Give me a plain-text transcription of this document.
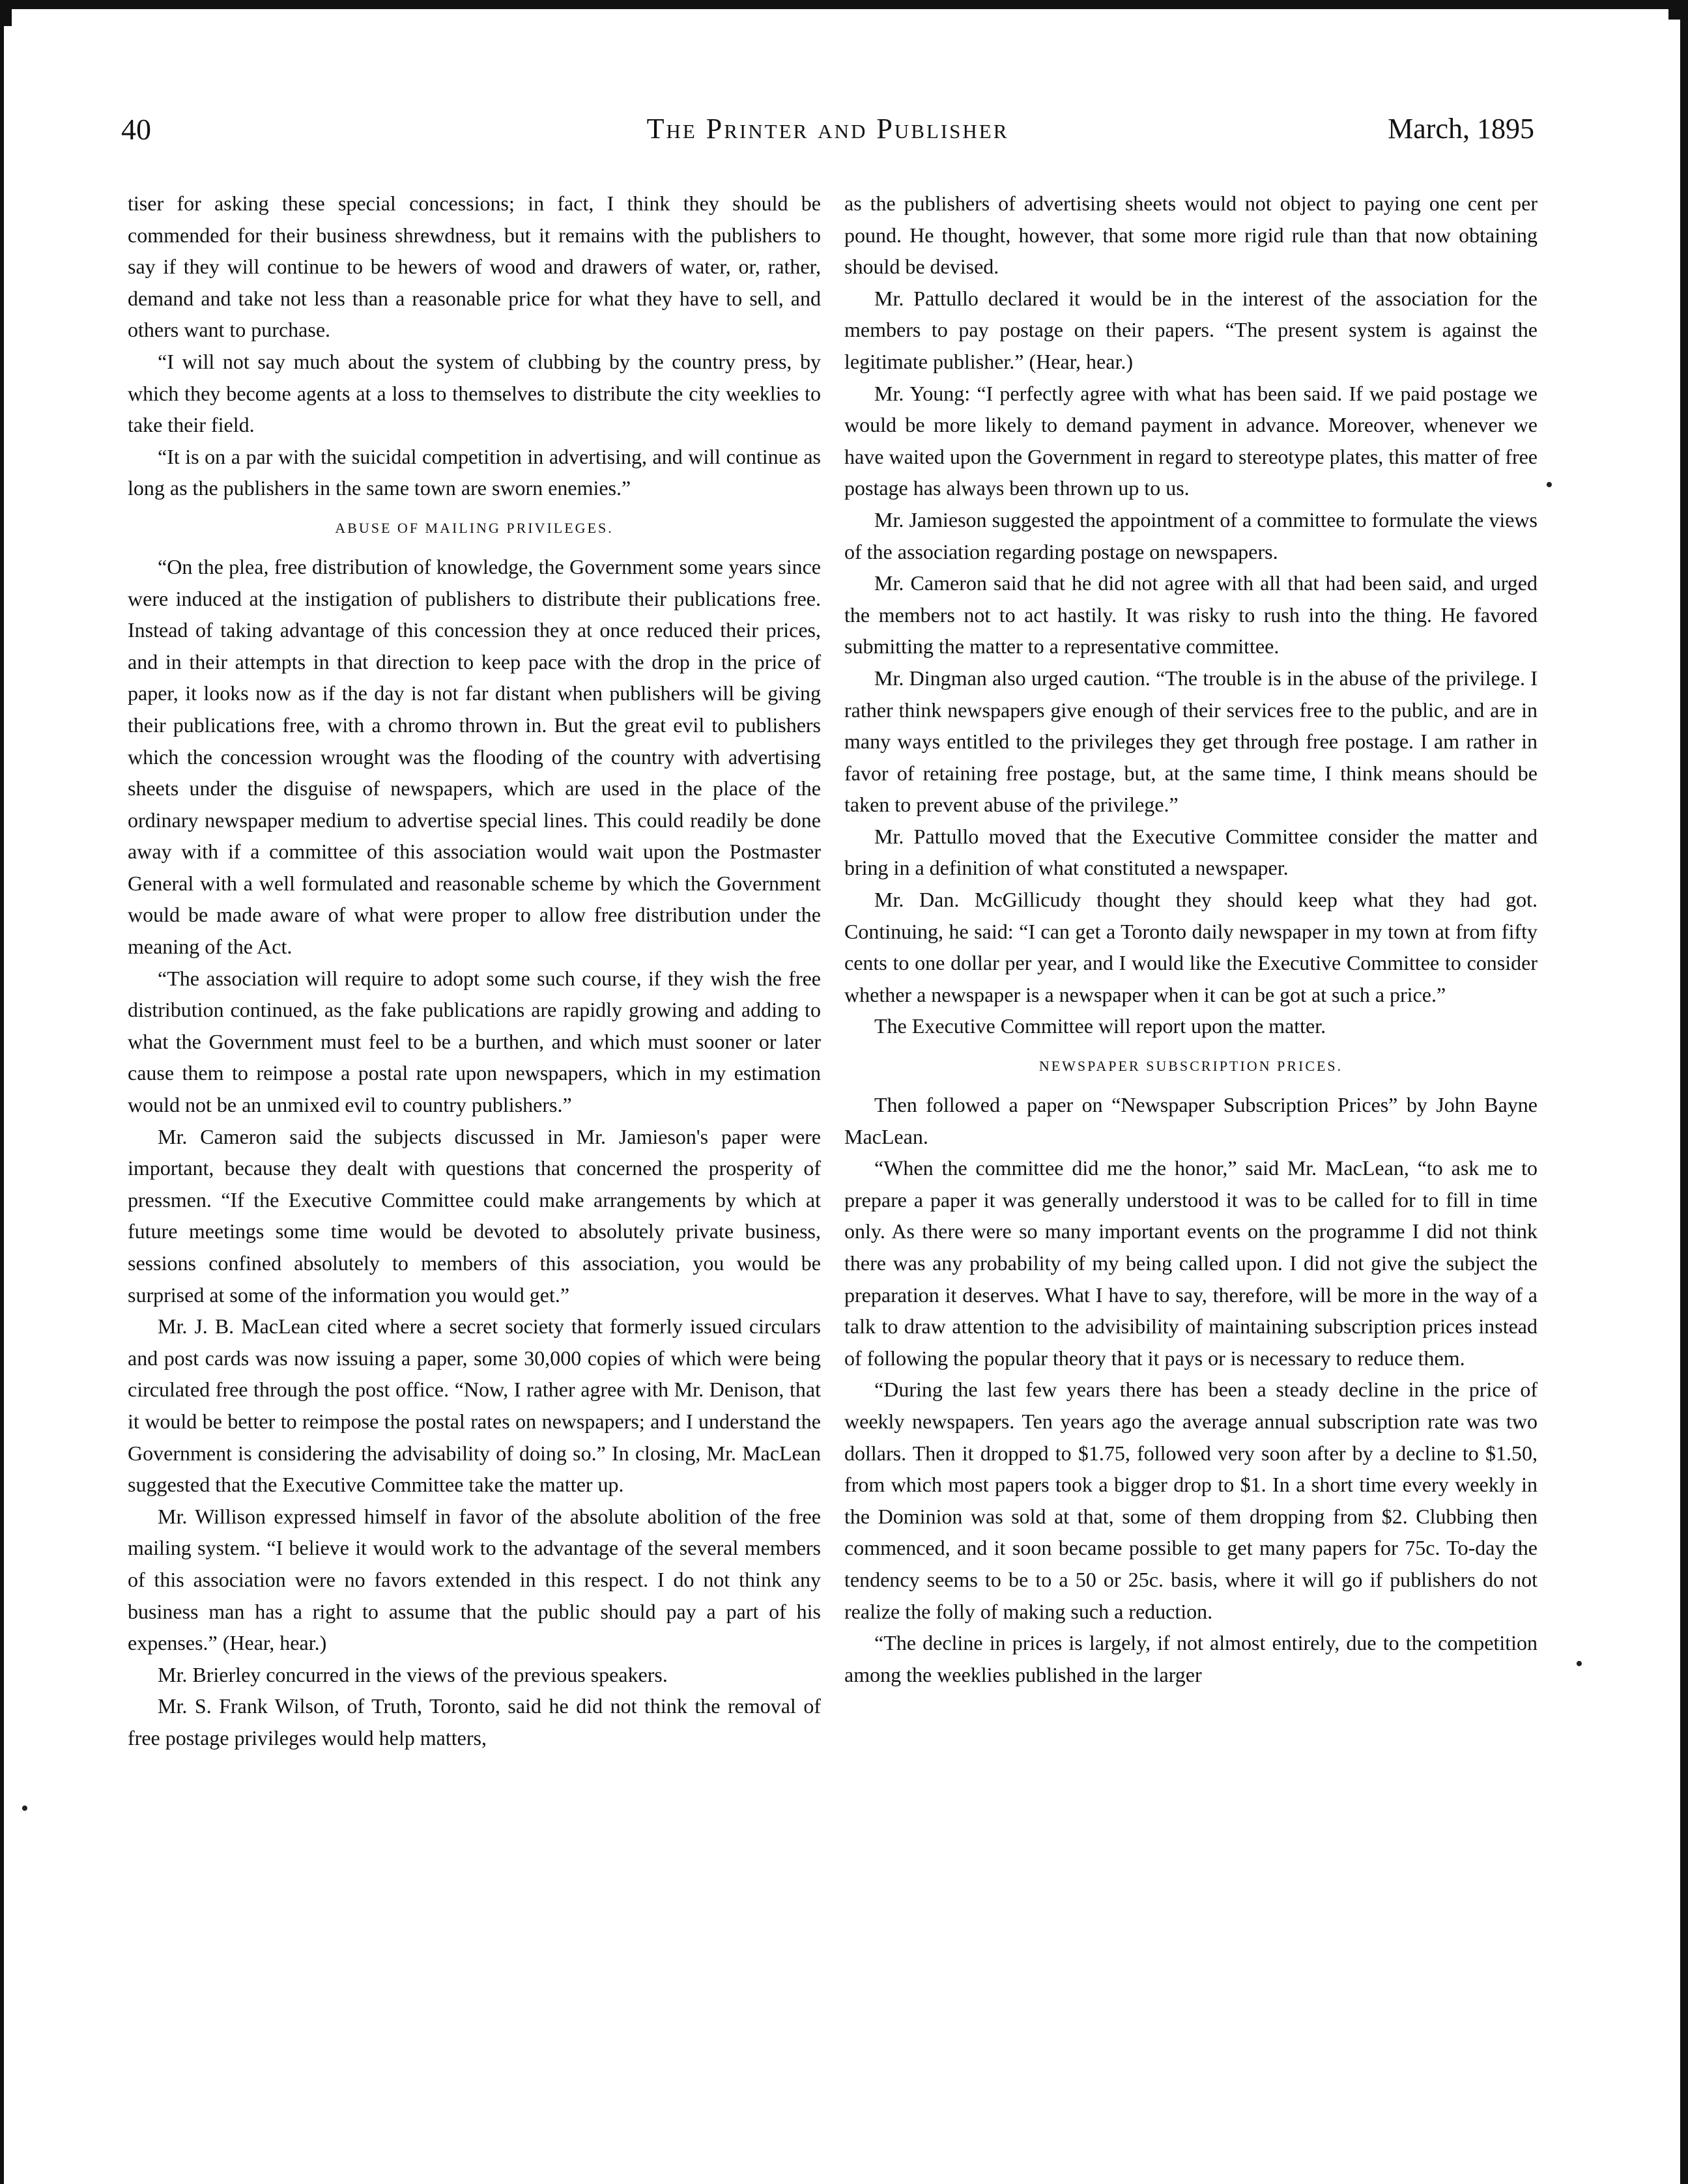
40	The Printer and Publisher	March, 1895

tiser for asking these special concessions; in fact, I think they should be commended for their business shrewdness, but it remains with the publishers to say if they will continue to be hewers of wood and drawers of water, or, rather, demand and take not less than a reasonable price for what they have to sell, and others want to purchase.

“I will not say much about the system of clubbing by the country press, by which they become agents at a loss to themselves to distribute the city weeklies to take their field.

“It is on a par with the suicidal competition in advertising, and will continue as long as the publishers in the same town are sworn enemies.”

ABUSE OF MAILING PRIVILEGES.

“On the plea, free distribution of knowledge, the Government some years since were induced at the instigation of publishers to distribute their publications free. Instead of taking advantage of this concession they at once reduced their prices, and in their attempts in that direction to keep pace with the drop in the price of paper, it looks now as if the day is not far distant when publishers will be giving their publications free, with a chromo thrown in. But the great evil to publishers which the concession wrought was the flooding of the country with advertising sheets under the disguise of newspapers, which are used in the place of the ordinary newspaper medium to advertise special lines. This could readily be done away with if a committee of this association would wait upon the Postmaster General with a well formulated and reasonable scheme by which the Government would be made aware of what were proper to allow free distribution under the meaning of the Act.

“The association will require to adopt some such course, if they wish the free distribution continued, as the fake publications are rapidly growing and adding to what the Government must feel to be a burthen, and which must sooner or later cause them to reimpose a postal rate upon newspapers, which in my estimation would not be an unmixed evil to country publishers.”

Mr. Cameron said the subjects discussed in Mr. Jamieson's paper were important, because they dealt with questions that concerned the prosperity of pressmen. “If the Executive Committee could make arrangements by which at future meetings some time would be devoted to absolutely private business, sessions confined absolutely to members of this association, you would be surprised at some of the information you would get.”

Mr. J. B. MacLean cited where a secret society that formerly issued circulars and post cards was now issuing a paper, some 30,000 copies of which were being circulated free through the post office. “Now, I rather agree with Mr. Denison, that it would be better to reimpose the postal rates on newspapers; and I understand the Government is considering the advisability of doing so.” In closing, Mr. MacLean suggested that the Executive Committee take the matter up.

Mr. Willison expressed himself in favor of the absolute abolition of the free mailing system. “I believe it would work to the advantage of the several members of this association were no favors extended in this respect. I do not think any business man has a right to assume that the public should pay a part of his expenses.” (Hear, hear.)

Mr. Brierley concurred in the views of the previous speakers.

Mr. S. Frank Wilson, of Truth, Toronto, said he did not think the removal of free postage privileges would help matters,

as the publishers of advertising sheets would not object to paying one cent per pound. He thought, however, that some more rigid rule than that now obtaining should be devised.

Mr. Pattullo declared it would be in the interest of the association for the members to pay postage on their papers. “The present system is against the legitimate publisher.” (Hear, hear.)

Mr. Young: “I perfectly agree with what has been said. If we paid postage we would be more likely to demand payment in advance. Moreover, whenever we have waited upon the Government in regard to stereotype plates, this matter of free postage has always been thrown up to us.

Mr. Jamieson suggested the appointment of a committee to formulate the views of the association regarding postage on newspapers.

Mr. Cameron said that he did not agree with all that had been said, and urged the members not to act hastily. It was risky to rush into the thing. He favored submitting the matter to a representative committee.

Mr. Dingman also urged caution. “The trouble is in the abuse of the privilege. I rather think newspapers give enough of their services free to the public, and are in many ways entitled to the privileges they get through free postage. I am rather in favor of retaining free postage, but, at the same time, I think means should be taken to prevent abuse of the privilege.”

Mr. Pattullo moved that the Executive Committee consider the matter and bring in a definition of what constituted a newspaper.

Mr. Dan. McGillicudy thought they should keep what they had got. Continuing, he said: “I can get a Toronto daily newspaper in my town at from fifty cents to one dollar per year, and I would like the Executive Committee to consider whether a newspaper is a newspaper when it can be got at such a price.”

The Executive Committee will report upon the matter.

NEWSPAPER SUBSCRIPTION PRICES.

Then followed a paper on “Newspaper Subscription Prices” by John Bayne MacLean.

“When the committee did me the honor,” said Mr. MacLean, “to ask me to prepare a paper it was generally understood it was to be called for to fill in time only. As there were so many important events on the programme I did not think there was any probability of my being called upon. I did not give the subject the preparation it deserves. What I have to say, therefore, will be more in the way of a talk to draw attention to the advisibility of maintaining subscription prices instead of following the popular theory that it pays or is necessary to reduce them.

“During the last few years there has been a steady decline in the price of weekly newspapers. Ten years ago the average annual subscription rate was two dollars. Then it dropped to $1.75, followed very soon after by a decline to $1.50, from which most papers took a bigger drop to $1. In a short time every weekly in the Dominion was sold at that, some of them dropping from $2. Clubbing then commenced, and it soon became possible to get many papers for 75c. To-day the tendency seems to be to a 50 or 25c. basis, where it will go if publishers do not realize the folly of making such a reduction.

“The decline in prices is largely, if not almost entirely, due to the competition among the weeklies published in the larger

•
•
•
